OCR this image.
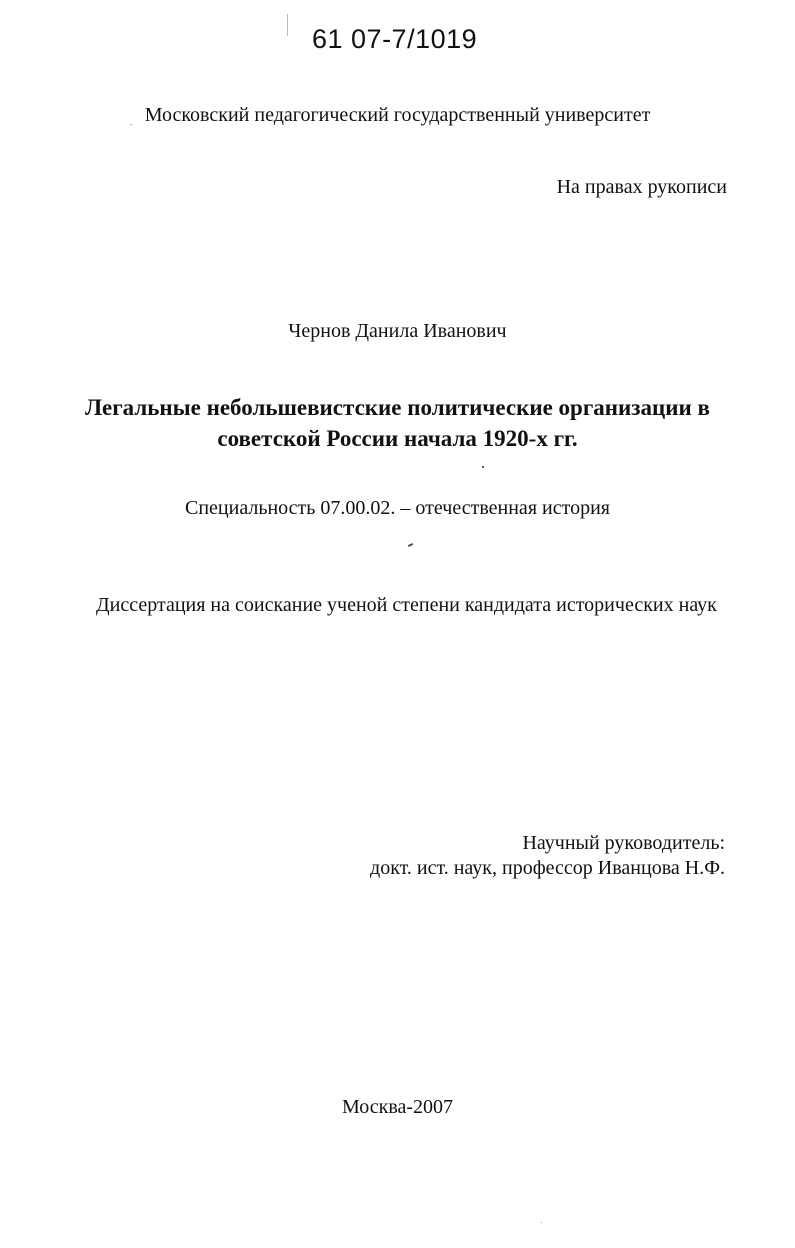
61 07-7/1019
Московский педагогический государственный университет
На правах рукописи
Чернов Данила Иванович
Легальные небольшевистские политические организации в
советской России начала 1920-х гг.
Специальность 07.00.02. – отечественная история
Диссертация на соискание ученой степени кандидата исторических наук
Научный руководитель:
докт. ист. наук, профессор Иванцова Н.Ф.
Москва-2007
